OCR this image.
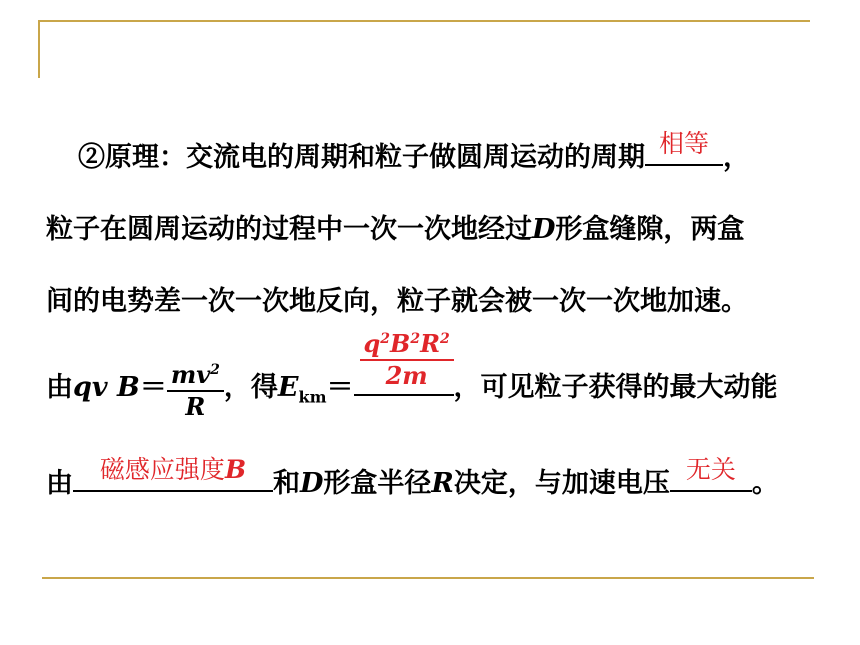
②原理：交流电的周期和粒子做圆周运动的周期 相等 ，
粒子在圆周运动的过程中一次一次地经过D形盒缝隙，两盒
间的电势差一次一次地反向，粒子就会被一次一次地加速。
由qv $B= \frac{mv^2}{R}$ ，得$E_{km}=$
$q^2B^2R^2$
2m ，可见粒子获得的最大动能
由	磁感应强度B 和D形盒半径R决定，与加速电压 无关 。
